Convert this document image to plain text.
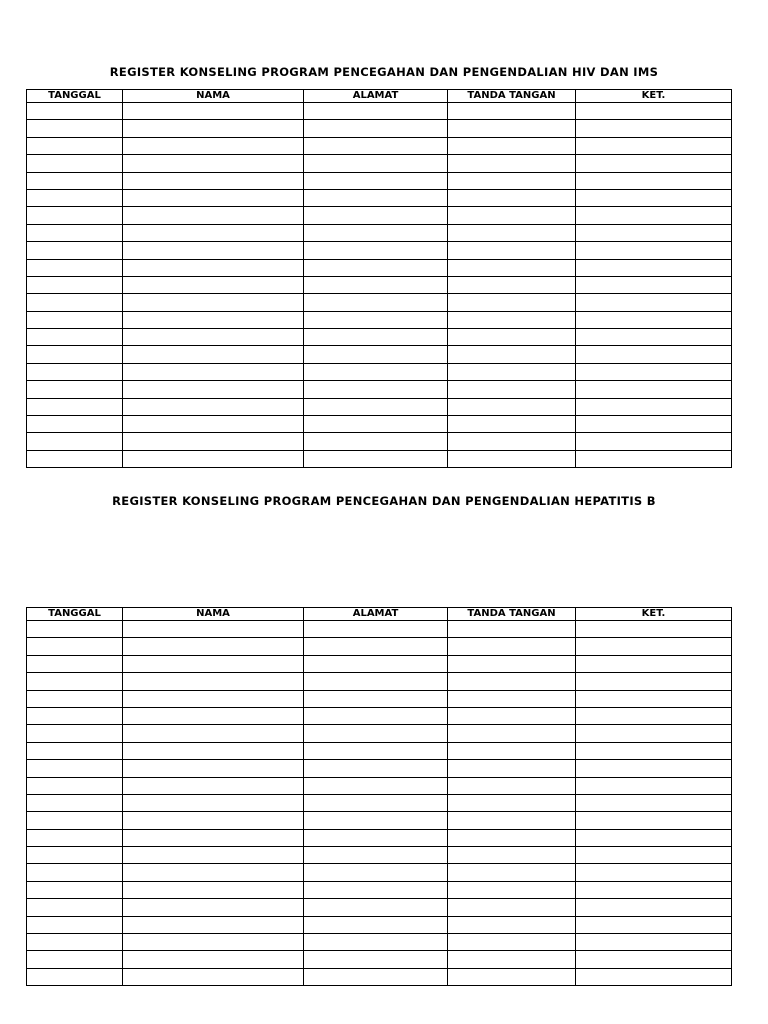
REGISTER KONSELING PROGRAM PENCEGAHAN DAN PENGENDALIAN HIV DAN IMS
TANGGAL	NAMA	ALAMAT	TANDA TANGAN	KET.

REGISTER KONSELING PROGRAM PENCEGAHAN DAN PENGENDALIAN HEPATITIS B
TANGGAL	NAMA	ALAMAT	TANDA TANGAN	KET.
